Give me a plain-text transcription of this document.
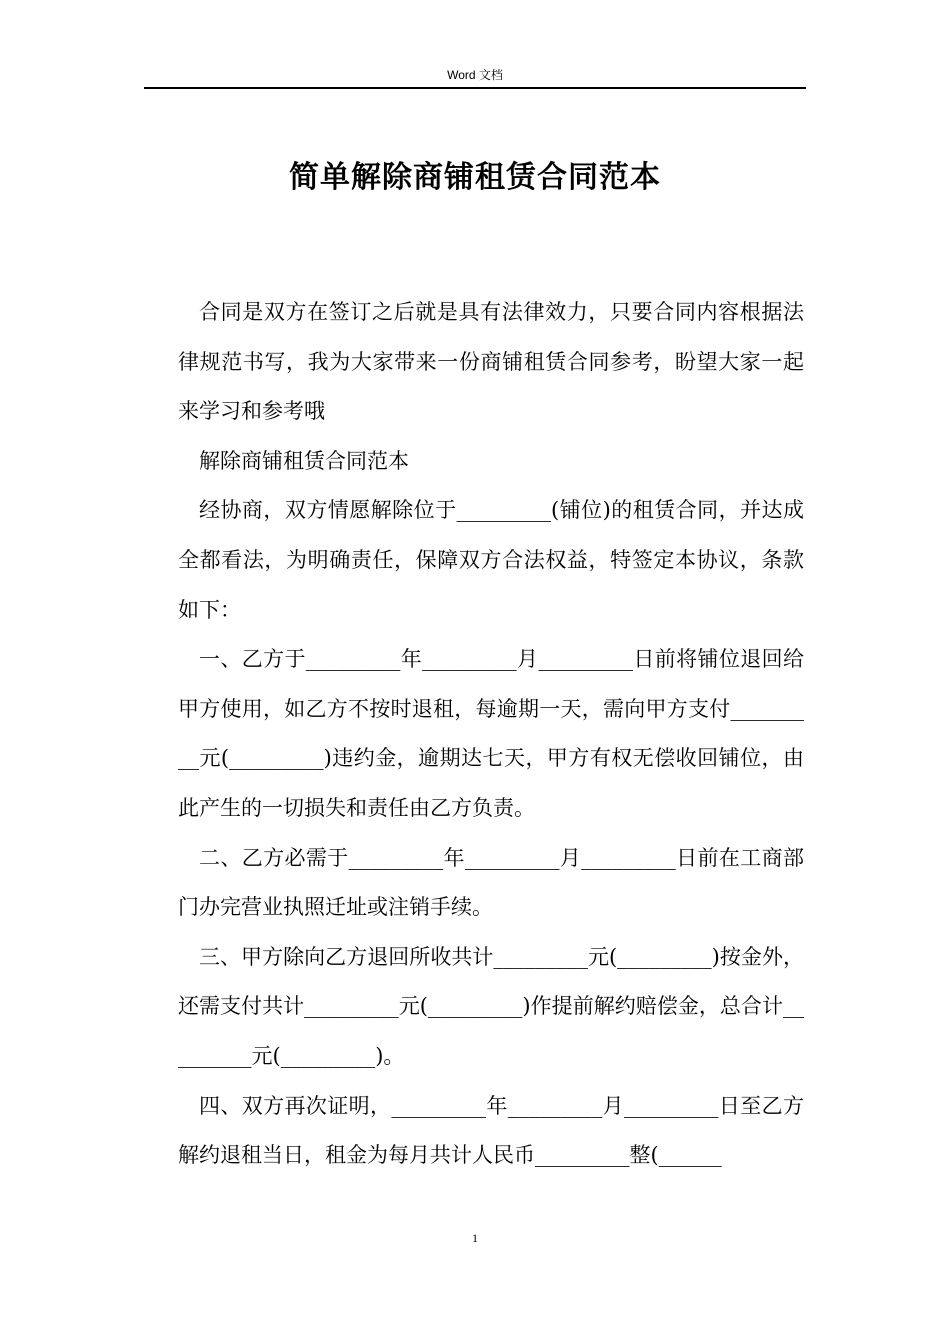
Word 文档
简单解除商铺租赁合同范本

合同是双方在签订之后就是具有法律效力，只要合同内容根据法律规范书写，我为大家带来一份商铺租赁合同参考，盼望大家一起来学习和参考哦

解除商铺租赁合同范本

经协商，双方情愿解除位于_________(铺位)的租赁合同，并达成全都看法，为明确责任，保障双方合法权益，特签定本协议，条款如下：

一、乙方于_________年_________月_________日前将铺位退回给甲方使用，如乙方不按时退租，每逾期一天，需向甲方支付_________元(_________)违约金，逾期达七天，甲方有权无偿收回铺位，由此产生的一切损失和责任由乙方负责。

二、乙方必需于_________年_________月_________日前在工商部门办完营业执照迁址或注销手续。

三、甲方除向乙方退回所收共计_________元(_________)按金外，还需支付共计_________元(_________)作提前解约赔偿金，总合计_________元(_________)。

四、双方再次证明，_________年_________月_________日至乙方解约退租当日，租金为每月共计人民币_________整(______

1
